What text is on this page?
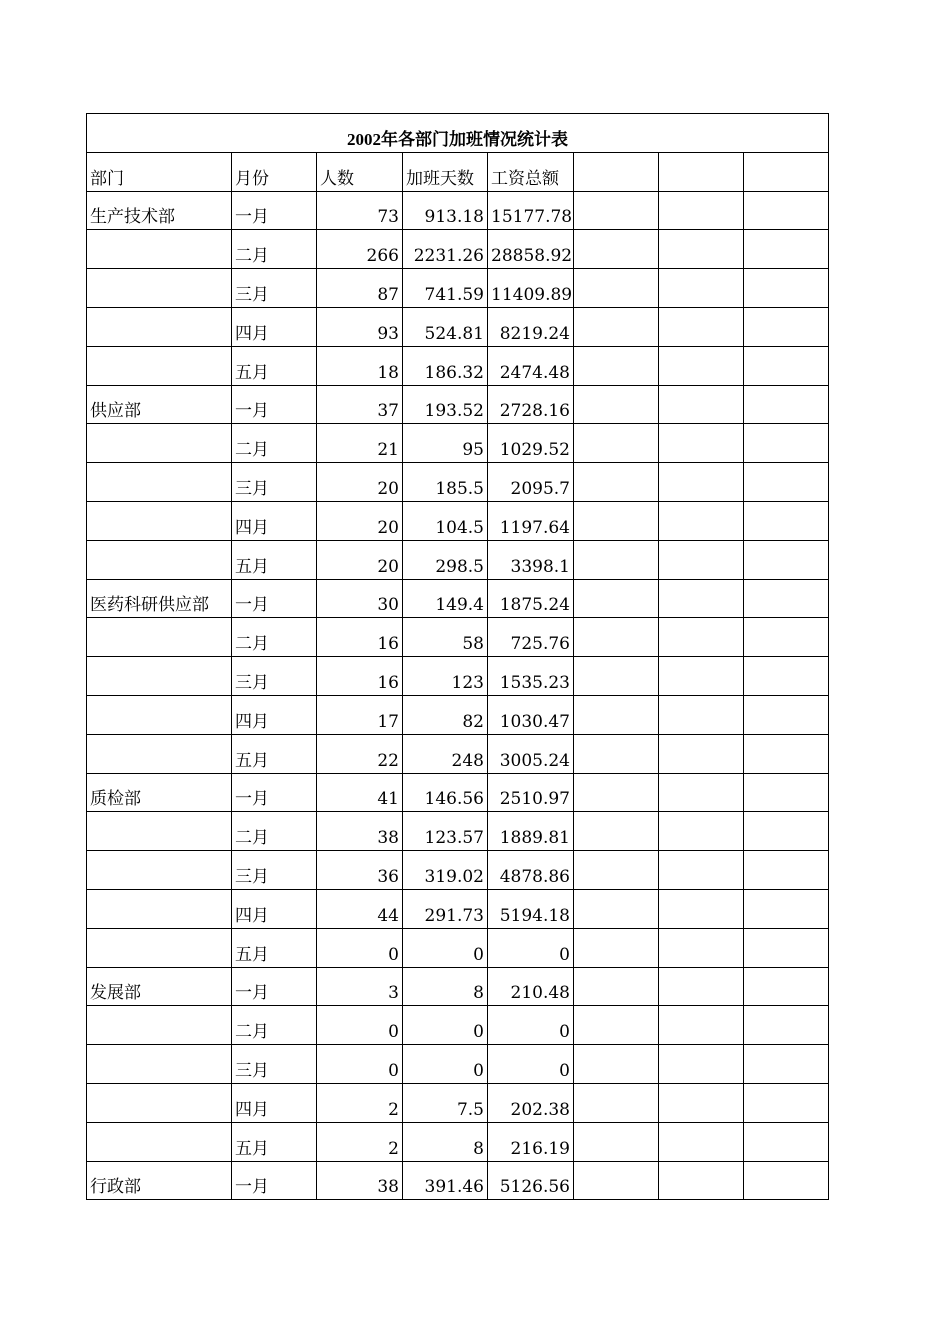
2002年各部门加班情况统计表							
部门	月份	人数	加班天数	工资总额			
生产技术部	一月	73	913.18	15177.78			
	二月	266	2231.26	28858.92			
	三月	87	741.59	11409.89			
	四月	93	524.81	8219.24			
	五月	18	186.32	2474.48			
供应部	一月	37	193.52	2728.16			
	二月	21	95	1029.52			
	三月	20	185.5	2095.7			
	四月	20	104.5	1197.64			
	五月	20	298.5	3398.1			
医药科研供应部	一月	30	149.4	1875.24			
	二月	16	58	725.76			
	三月	16	123	1535.23			
	四月	17	82	1030.47			
	五月	22	248	3005.24			
质检部	一月	41	146.56	2510.97			
	二月	38	123.57	1889.81			
	三月	36	319.02	4878.86			
	四月	44	291.73	5194.18			
	五月	0	0	0			
发展部	一月	3	8	210.48			
	二月	0	0	0			
	三月	0	0	0			
	四月	2	7.5	202.38			
	五月	2	8	216.19			
行政部	一月	38	391.46	5126.56			
